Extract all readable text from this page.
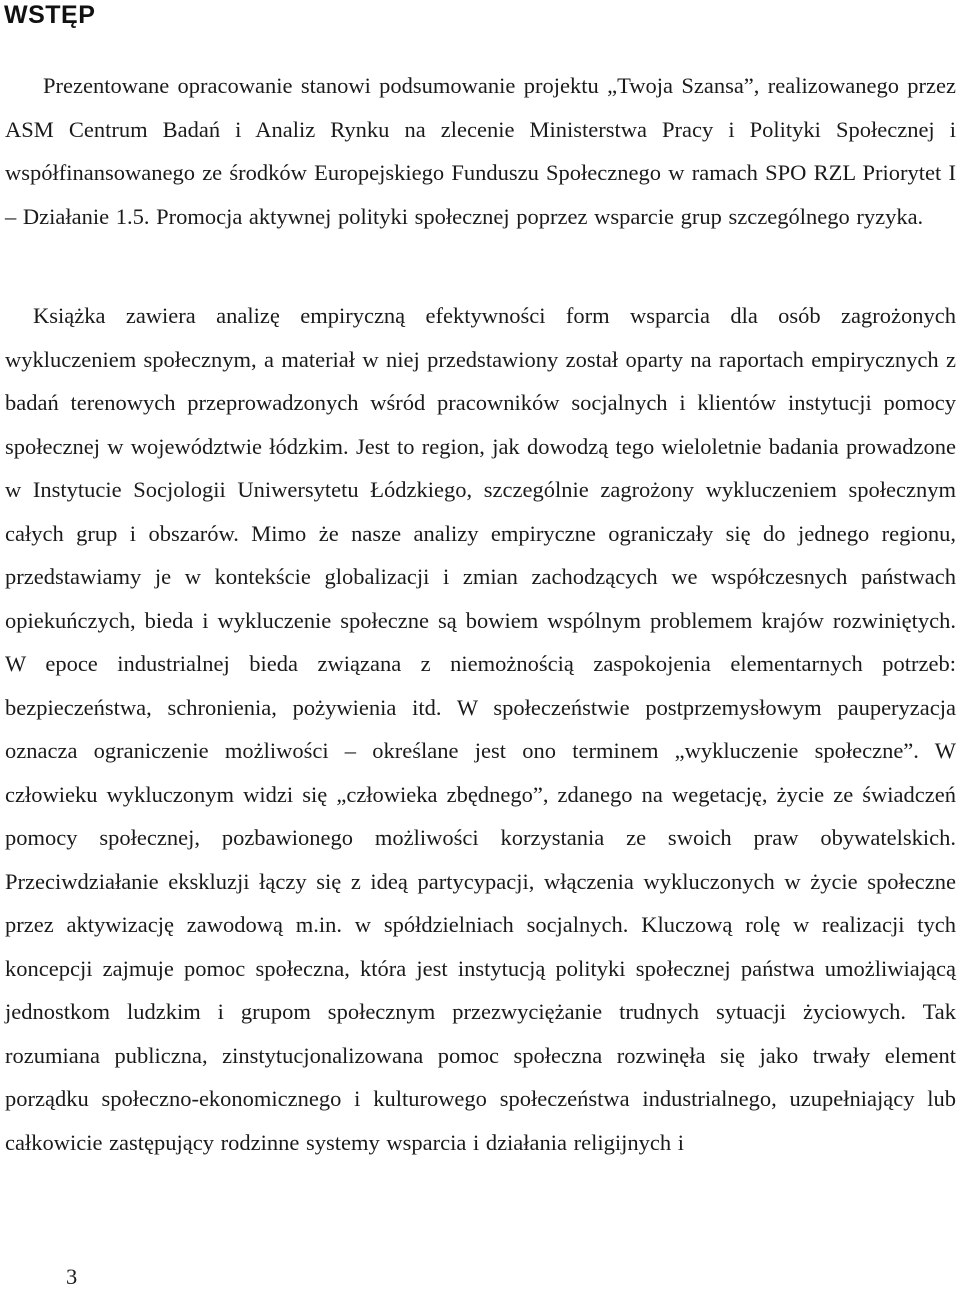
WSTĘP

Prezentowane opracowanie stanowi podsumowanie projektu „Twoja Szansa”, realizowanego przez ASM Centrum Badań i Analiz Rynku na zlecenie Ministerstwa Pracy i Polityki Społecznej i współfinansowanego ze środków Europejskiego Funduszu Społecznego w ramach SPO RZL Priorytet I – Działanie 1.5. Promocja aktywnej polityki społecznej poprzez wsparcie grup szczególnego ryzyka.

Książka zawiera analizę empiryczną efektywności form wsparcia dla osób zagrożonych wykluczeniem społecznym, a materiał w niej przedstawiony został oparty na raportach empirycznych z badań terenowych przeprowadzonych wśród pracowników socjalnych i klientów instytucji pomocy społecznej w województwie łódzkim. Jest to region, jak dowodzą tego wieloletnie badania prowadzone w Instytucie Socjologii Uniwersytetu Łódzkiego, szczególnie zagrożony wykluczeniem społecznym całych grup i obszarów. Mimo że nasze analizy empiryczne ograniczały się do jednego regionu, przedstawiamy je w kontekście globalizacji i zmian zachodzących we współczesnych państwach opiekuńczych, bieda i wykluczenie społeczne są bowiem wspólnym problemem krajów rozwiniętych. W epoce industrialnej bieda związana z niemożnością zaspokojenia elementarnych potrzeb: bezpieczeństwa, schronienia, pożywienia itd. W społeczeństwie postprzemysłowym pauperyzacja oznacza ograniczenie możliwości – określane jest ono terminem „wykluczenie społeczne”. W człowieku wykluczonym widzi się „człowieka zbędnego”, zdanego na wegetację, życie ze świadczeń pomocy społecznej, pozbawionego możliwości korzystania ze swoich praw obywatelskich. Przeciwdziałanie ekskluzji łączy się z ideą partycypacji, włączenia wykluczonych w życie społeczne przez aktywizację zawodową m.in. w spółdzielniach socjalnych. Kluczową rolę w realizacji tych koncepcji zajmuje pomoc społeczna, która jest instytucją polityki społecznej państwa umożliwiającą jednostkom ludzkim i grupom społecznym przezwyciężanie trudnych sytuacji życiowych. Tak rozumiana publiczna, zinstytucjonalizowana pomoc społeczna rozwinęła się jako trwały element porządku społeczno-ekonomicznego i kulturowego społeczeństwa industrialnego, uzupełniający lub całkowicie zastępujący rodzinne systemy wsparcia i działania religijnych i

3
